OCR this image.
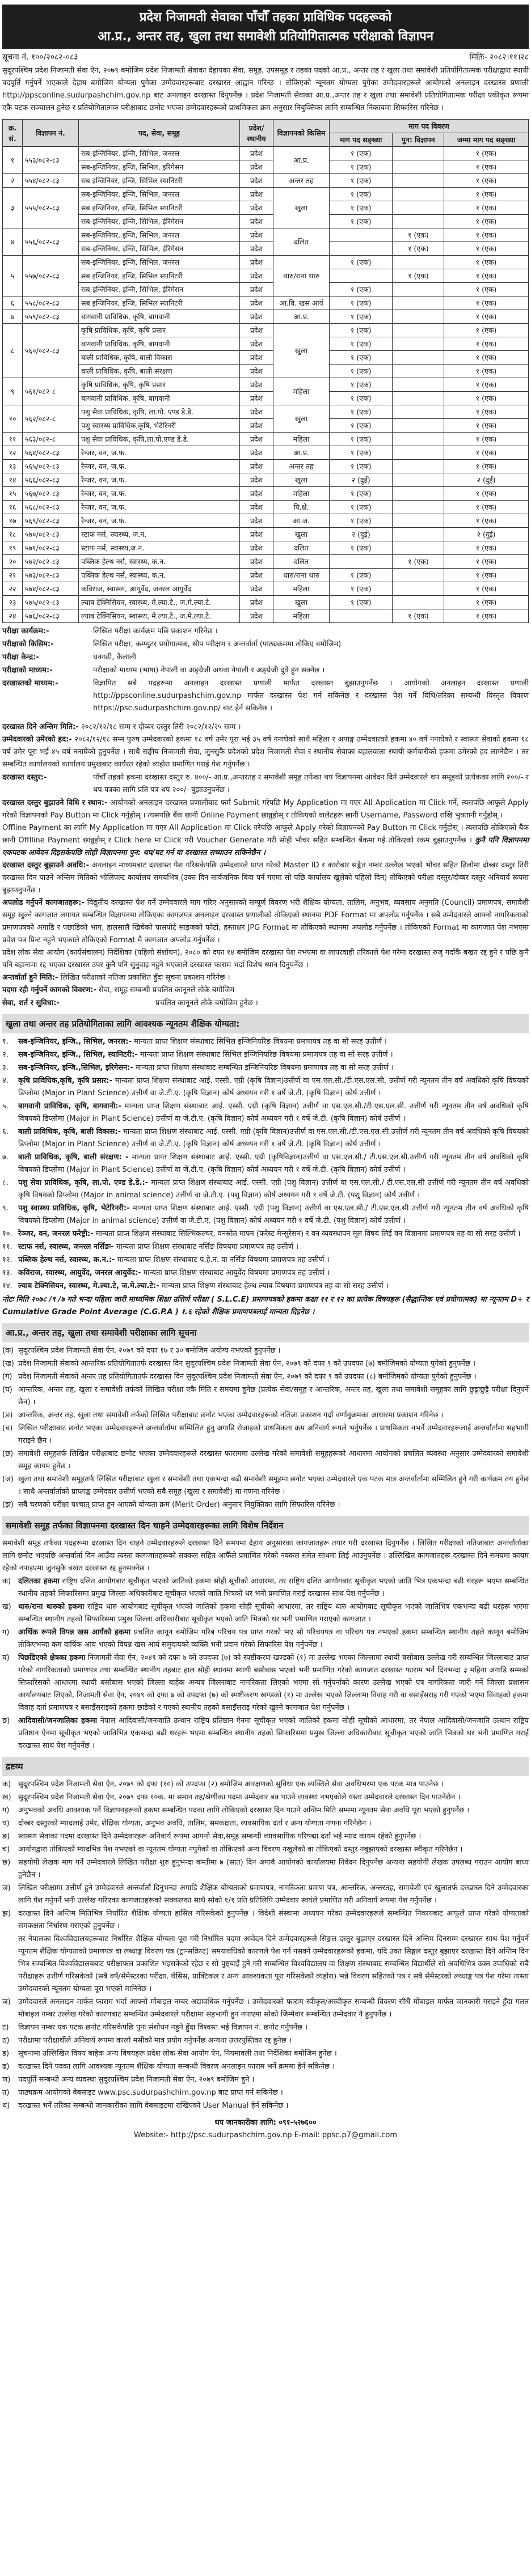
प्रदेश निजामती सेवाका पाँचौँ तहका प्राविधिक पदहरूको
आ.प्र., अन्तर तह, खुला तथा समावेशी प्रतियोगितात्मक परीक्षाको विज्ञापन
सूचना नं. १००/२०८२-०८३	मितिः- २०८२।११।२८

सुदूरपश्चिम प्रदेश निजामती सेवा ऐन, २०७९ बमोजिम प्रदेश निजामती सेवाका देहायका सेवा, समूह, उपसमूह र तहका पदको आ.प्र., अन्तर तह र खुला तथा समावेशी प्रतियोगितात्मक परीक्षाद्वारा स्थायी पदपूर्ति गर्नुपर्ने भएकाले देहाय बमोजिम योग्यता पुगेका उम्मेदवारहरूबाट दरखास्त आह्वान गरिन्छ । तोकिएको न्यूनतम योग्यता पुगेका उम्मेदवारहरूले आयोगको अनलाइन दरखास्त प्रणाली http://ppsconline.sudurpashchim.gov.np बाट अनलाइन दरखास्त दिनुपर्नेछ । प्रदेश निजामती सेवाका आ.प्र.,अन्तर तह र खुला तथा समावेशी प्रतियोगितात्मक परीक्षा एकीकृत रूपमा एकै पटक सञ्चालन हुनेछ र प्रतियोगितात्मक परीक्षाबाट छनोट भएका उम्मेदवारहरूको प्राथमिकता क्रम अनुसार नियुक्तिका लागि सम्बन्धित निकायमा सिफारिस गरिनेछ ।

क्र. सं.	विज्ञापन नं.	पद, सेवा, समूह	प्रदेश/ स्थानीय	विज्ञापनको किसिम	माग पद विवरण		
					माग पद सङ्ख्या	पुन: विज्ञापन	जम्मा माग पद सङ्ख्या
१	५५३/०८२-८३	सब-इन्जिनियर, इन्जि, सिभिल, जनरल	प्रदेश	आ.प्र.	१ (एक)		१ (एक)
		सब-इन्जिनियर, इन्जि, सिभिल, इरिगेसन	प्रदेश		१ (एक)		१ (एक)
२	५५४/०८२-८३	सब इन्जिनियर, इन्जि, सिभिल स्यानिटरी	प्रदेश	अन्तर तह	१ (एक)		१ (एक)
३	५५५/०८२-८३	सब-इन्जिनियर, इन्जि, सिभिल, जनरल	प्रदेश	खुला	१ (एक)		१ (एक)
		सब इन्जिनियर, इन्जि, सिभिल स्यानिटरी	प्रदेश		१ (एक)		१ (एक)
		सब-इन्जिनियर, इन्जि, सिभिल, ईरिगेसन	प्रदेश		१ (एक)		१ (एक)
४	५५६/०८२-८३	सब-इन्जिनियर, इन्जि, सिभिल, जनरल	प्रदेश	दलित		१ (एक)	१ (एक)
		सब-इन्जिनियर, इन्जि, सिभिल, ईरिगेसन	प्रदेश			१ (एक)	१ (एक)
५	५५७/०८२-८३	सब-इन्जिनियर, इन्जि, सिभिल, जनरल	प्रदेश	थारु/राना थारु	१ (एक)		१ (एक)
		सब इन्जिनियर, इन्जि, सिभिल स्यानिटरी	प्रदेश			१ (एक)	१ (एक)
		सब-इन्जिनियर, इन्जि, सिभिल, ईरिगेसन	प्रदेश		१ (एक)		१ (एक)
६	५५८/०८२-८३	सब इन्जिनियर, इन्जि, सिभिल स्यानिटरी	प्रदेश	आ.वि. खस आर्य	१ (एक)		१ (एक)
७	५५९/०८२-८३	बागवानी प्राविधिक, कृषि, बागवानी	प्रदेश	आ.प्र.	१ (एक)		१ (एक)
८	५६०/०८२-८३	कृषि प्राविधिक, कृषि, कृषि प्रसार	प्रदेश	खुला	१ (एक)		१ (एक)
		बागवानी प्राविधिक, कृषि, बागवानी	प्रदेश		१ (एक)		१ (एक)
		बाली प्राविधिक, कृषि, बाली विकास	प्रदेश		१ (एक)		१ (एक)
		बाली प्राविधिक, कृषि, बाली संरक्षण	प्रदेश		१ (एक)		१ (एक)
९	५६१/०८२-८	कृषि प्राविधिक, कृषि, कृषि प्रसार	प्रदेश	महिला	१ (एक)		१ (एक)
		बागवानी प्राविधिक, कृषि, बागवानी	प्रदेश		१ (एक)		१ (एक)
१०	५६२/०८२-८	पशु सेवा प्राविधिक, कृषि, ला.पो. एण्ड डे.डे.	प्रदेश	खुला	१ (एक)		१ (एक)
		पशु स्वास्थ्य प्राविधिक,कृषि, भेटेरिनरी	प्रदेश		१ (एक)		१ (एक)
११	५६३/०८२-८	पशु सेवा प्राविधिक, कृषि,ला.पो.एण्ड डे.डे.	प्रदेश	महिला	१ (एक)		१ (एक)
१२	५६४/०८२-८३	रेन्जर, वन, ज.फ.	प्रदेश	आ.प्र.	१ (एक)		१ (एक)
१३	५६५/०८२-८३	रेन्जर, वन, ज.फ.	प्रदेश	अन्तर तह	१ (एक)		१ (एक)
१४	५६६/०८२-८३	रेन्जर, वन, ज.फ.	प्रदेश	खुला	२ (दुई)		२ (दुई)
१५	५६७/०८२-८३	रेन्जर, वन, ज.फ.	प्रदेश	महिला	१ (एक)		१ (एक)
१६	५६८/०८२-८३	रेन्जर, वन, ज.फ.	प्रदेश	पि.क्षे.	१ (एक)		१ (एक)
१७	५६९/०८२-८३	रेन्जर, वन, ज.फ.	प्रदेश	आ.ज.	१ (एक)		१ (एक)
१८	५७०/०८२-८३	स्टाफ नर्स, स्वास्थ्य, ज.न.	प्रदेश	खुला	२ (दुई)		२ (दुई)
१९	५७१/०८२-८३	स्टाफ नर्स, स्वास्थ्य,ज.न.	प्रदेश	दलित	१ (एक)		१ (एक)
२०	५७२/०८२-८३	पब्लिक हेल्थ नर्स, स्वास्थ्य, क.न.	प्रदेश	दलित		१ (एक)	१ (एक)
२१	५७३/०८२-८३	पब्लिक हेल्थ नर्स, स्वास्थ्य, क.न.	प्रदेश	थारु/राना थारु	१ (एक)		१ (एक)
२२	५७४/०८२-८३	कविराज, स्वास्थ्य, आयुर्वेद, जनरल आयुर्वेद	प्रदेश	महिला	१ (एक)		१ (एक)
२३	५७५/०८२-८३	ल्याब टेक्निसियन, स्वास्थ्य, मे.ल्या.टे., ज.मे.ल्या.टे.	प्रदेश	खुला	१ (एक)		१ (एक)
२४	५७६/०८२-८३	ल्याब टेक्निसियन, स्वास्थ्य, मे.ल्या.टे., ज.मे.ल्या.टे.	प्रदेश	महिला		१ (एक)	१ (एक)
परीक्षा कार्यक्रम:-	लिखित परीक्षा कार्यक्रम पछि प्रकाशन गरिनेछ ।
परीक्षाको किसिम:-	लिखित परीक्षा, कम्प्युटर प्रयोगात्मक, सीप परीक्षण र अन्तर्वार्ता (पाठ्यक्रममा तोकिए बमोजिम)
परीक्षा केन्द्र:-	धनगढी, कैलाली
परीक्षाको माध्यम:-	परीक्षाको माध्यम (भाषा) नेपाली वा अङ्ग्रेजी अथवा नेपाली र अङ्ग्रेजी दुवै हुन सक्नेछ ।
दरखास्तको माध्यम:-	विज्ञापित सबै पदहरूमा अनलाइन दरखास्त प्रणाली मार्फत दरखास्त बुझाउनुपर्नेछ । आयोगको अनलाइन दरखास्त प्रणाली http://ppsconline.sudurpashchim.gov.np मार्फत दरखास्त पेश गर्न सकिनेछ र दरखास्त पेश गर्ने विधि/तरिका सम्बन्धी विस्तृत विवरण https://psc.sudurpashchim.gov.np/ बाट हेर्न सकिनेछ ।

दरखास्त दिने अन्तिम मिति:- २०८२/१२/१८ सम्म र दोब्बर दस्तुर तिरी २०८२/१२/२५ सम्म ।

उम्मेदवारको उमेरको हद:- २०८२/१२/१८ सम्म पुरुष उम्मेदवारको हकमा १८ वर्ष उमेर पूरा भई ३५ वर्ष ननाघेको साथै महिला र अपाङ्ग उम्मेदवारको हकमा ४० वर्ष ननाघेको र स्वास्थ्य सेवाको हकमा १८ वर्ष उमेर पूरा भई ४५ वर्ष ननाघेको हुनुपर्नेछ । साथै सङ्घीय निजामती सेवा, जुनसुकै प्रदेशको प्रदेश निजामती सेवा र स्थानीय सेवाका बहालवाला स्थायी कर्मचारीको हकमा उमेरको हद लाग्नेछैन । तर सम्बन्धित कार्यालयको कार्यालय प्रमुखबाट कार्यरत रहेको व्यहोरा प्रमाणित गराई पेश गर्नुपर्नेछ ।

दरखास्त दस्तुर:-	पाँचौँ तहको हकमा दरखास्त दस्तुर रु. ४००/- आ.प्र.,अन्तरतह र समावेशी समूह तर्फका थप विज्ञापनमा आवेदन दिने उम्मेदवारले थप समूहको प्रत्येकका लागि २००/- र थप पत्रका लागि प्रति पत्र थप २००/- बुझाउनुपर्नेछ ।

दरखास्त दस्तुर बुझाउने विधि र स्थान:- आयोगको अनलाइन दरखास्त प्रणालीबाट फर्म Submit गरेपछि My Application मा गएर All Application मा Click गर्ने, त्यसपछि आफूले Apply गरेको विज्ञापनको Pay Button मा Click गर्नुहोस् । त्यसपछि बैंक छानी Online Payment छान्नुहोस् र तोकिएको वालेटहरू छानी Username, Password राखि भुक्तानी गर्नुहोस् ।

Offline Payment का लागि My Application मा गएर All Application मा Click गरेपछि आफूले Apply गरेको विज्ञापनको Pay Button मा Click गर्नुहोस् । त्यसपछि तोकिएको बैंक छानी Offlline Payment छान्नुहोस् र Click here मा Click गरी Voucher Generate गरी सोही भौचर सहित सम्बन्धित बैंकमा गई तोकिएको रकम बुझाउनुपर्नेछ । कुनै पनि विज्ञापनमा एकपटक आवेदन दिइसकेपछि सोही विज्ञापनमा पुन: थप/घट गर्न वा दरखास्त सच्याउन सकिनेछैन ।

दरखास्त दस्तुर बुझाउने अवधि:- अनलाइन माध्यमबाट दरखास्त पेश गरिसकेपछि उम्मेदवारले प्राप्त गरेको Master ID र कारोबार सङ्केत नम्बर उल्लेख भएको भौचर सहित ढिलोमा दोब्बर दस्तुर तिरी दरखास्त दिन पाउने अन्तिम मितिको भोलिपल्ट कार्यालय समयभित्र (उक्त दिन सार्वजनिक बिदा पर्न गएमा सो पछि कार्यालय खुलेको पहिलो दिन) तोकिएको परीक्षा दस्तुर/दोब्बर दस्तुर अनिवार्य रूपमा बुझाउनुपर्नेछ ।

अपलोड गर्नुपर्ने कागजातहरू:- विद्युतीय दरखास्त पेश गर्ने उम्मेदवारले माग गरिए अनुसारको सम्पूर्ण विवरण भरी शैक्षिक योग्यता, तालिम, अनुभव, व्यवसाय अनुमति (Council) प्रमाणपत्र, समावेशी समूह खुल्ने कागजात लगायत सम्बन्धित विज्ञापनमा तोकिएका कागजपत्र अनलाइन दरखास्त प्रणालीको तोकिएको स्थानमा PDF Format मा अपलोड गर्नुपर्नेछ । सबै उम्मेदवारले आफ्नो नागरिकताको प्रमाणपत्रको अगाडि र पछाडिको भाग, हालसालै खिचेको पासपोर्ट साइजको फोटो, हस्ताक्षर JPG Format मा तोकिएको स्थानमा अपलोड गर्नुपर्नेछ । तोकिएको Format मा कागजात पेश नभएमा प्रवेश पत्र प्रिन्ट नहुने भएकाले तोकिएको Format मै कागजात अपलोड गर्नुपर्नेछ ।

प्रदेश लोक सेवा आयोग (कार्यसंचालन) निर्देशिका (पहिलो संशोधन), २०८० को दफा १४ बमोजिम दरखास्त पेश नभएमा वा लापरवाही तरिकाले पेश गरेमा दरखास्त रुजु गर्दाकै बखत रद्द हुने र पछि कुनै पनि बहानामा रद्द भएका दरखास्त उपर कुनै पनि सुनुवाइ नहुने भएकाले दरखास्त फाराम भर्दा विशेष ध्यान दिनुपर्नेछ ।

अन्तर्वार्ता हुने मिति:- लिखित परीक्षाको नतिजा प्रकाशित हुँदा सूचना प्रकाशन गरिनेछ ।

पदमा रही गर्नुपर्ने कामको विवरण:- सेवा, समूह सम्बन्धी प्रचलित कानूनले तोके बमोजिम

सेवा, शर्त र सुविधा:-	प्रचलित कानूनले तोके बमोजिम हुनेछ ।
खुला तथा अन्तर तह प्रतियोगिताका लागि आवश्यक न्यूनतम शैक्षिक योग्यता:
१.	सब-इन्जिनियर, इन्जि., सिभिल, जनरल:- मान्यता प्राप्त शिक्षण संस्थाबाट सिभिल इन्जिनियरिङ विषयमा प्रमाणपत्र तह वा सो सरह उत्तीर्ण ।
२.	सब-इन्जिनियर, इन्जि., सिभिल, स्यानिटरी:- मान्यता प्राप्त शिक्षण संस्थाबाट सिभिल इन्जिनियरिङ विषयमा प्रमाणपत्र तह वा सो सरह उत्तीर्ण ।
३.	सब-इन्जिनियर, इन्जि.,सिभिल, इरिगेसन:- मान्यता प्राप्त शिक्षण संस्थाबाट सम्बन्धित इन्जिनियरिङ विषयमा प्रमाणपत्र तह वा सो सरह उत्तीर्ण ।
४.	कृषि प्राविधिक,कृषि, कृषि प्रसार:- मान्यता प्राप्त शिक्षण संस्थाबाट आई. एस्सी. एग्री (कृषि विज्ञान)उत्तीर्ण वा एस.एल.सी./टी.एस.एल.सी. उत्तीर्ण गरी न्यूनतम तीन वर्ष अवधिको कृषि विषयको डिप्लोमा (Major in Plant Science) उत्तीर्ण वा जे.टी.ए. (कृषि विज्ञान) कोर्ष अध्ययन गरी १ वर्षे जे.टी. (कृषि विज्ञान) कोर्ष उत्तीर्ण ।
५.	बागवानी प्राविधिक, कृषि, बागवानी:- मान्यता प्राप्त शिक्षण संस्थाबाट आई. एस्सी. एग्री (कृषि विज्ञान) उत्तीर्ण वा एस.एल.सी./टी.एस.एल.सी. उत्तीर्ण गरी न्यूनतम तीन वर्ष अवधिको कृषि विषयको डिप्लोमा (Major in Plant Science) उत्तीर्ण वा जे.टी.ए. (कृषि विज्ञान) कोर्ष अध्ययन गरी १ वर्षे जे.टी. (कृषि विज्ञान) कोर्ष उत्तीर्ण ।
६.	बाली प्राविधिक, कृषि, बाली विकास:- मान्यता प्राप्त शिक्षण संस्थाबाट आई. एस्सी. एग्री (कृषि विज्ञान)उत्तीर्ण वा एस.एल.सी./टी.एस.एल.सी.उत्तीर्ण गरी न्यूनतम तीन वर्ष अवधिको कृषि विषयको डिप्लोमा (Major in Plant Science) उत्तीर्ण वा जे.टी.ए. (कृषि विज्ञान) कोर्ष अध्ययन गरी १ वर्षे जे.टी. (कृषि विज्ञान) कोर्ष उत्तीर्ण ।
७.	बाली प्राविधिक, कृषि, बाली संरक्षण: - मान्यता प्राप्त शिक्षण संस्थाबाट आई. एस्सी. एग्री (कृषिविज्ञान)उत्तीर्ण वा एस.एल.सी./ टी.एस.एल.सी.उत्तीर्ण गरी न्यूनतम तीन वर्ष अवधिको कृषि विषयको डिप्लोमा (Major in Plant Science) उत्तीर्ण वा जे.टी.ए. (कृषि विज्ञान) कोर्ष अध्ययन गरी १ वर्षे जे.टी. (कृषि विज्ञान) कोर्ष उत्तीर्ण ।
८.	पशु सेवा प्राविधिक, कृषि, ला.पो. एण्ड डे.डे.:- मान्यता प्राप्त शिक्षण संस्थाबाट आई. एस्सी. एग्री (पशु विज्ञान) उत्तीर्ण वा एस.एल.सी./ टी.एस.एल.सी उत्तीर्ण गरी न्यूनतम तीन वर्ष अवधिको कृषि विषयको डिप्लोमा (Major in animal science) उत्तीर्ण वा जे.टी.ए. (पशु विज्ञान) कोर्ष अध्ययन गरी १ वर्षे जे.टी. (पशु विज्ञान) कोर्ष उत्तीर्ण ।
९.	पशु स्वास्थ्य प्राविधिक, कृषि, भेटेरिनरी:- मान्यता प्राप्त शिक्षण संस्थाबाट आई. एस्सी. एग्री (पशु विज्ञान) उत्तीर्ण वा एस.एल.सी./ टी.एस.एल.सी उत्तीर्ण गरी न्यूनतम तीन वर्ष अवधिको कृषि विषयको डिप्लोमा (Major in animal science) उत्तीर्ण वा जे.टी.ए. (पशु विज्ञान) कोर्ष अध्ययन गरी १ वर्षे जे.टी. (पशु विज्ञान) कोर्ष उत्तीर्ण ।
१०. रेञ्जर, वन, जनरल फरेष्ट्री:- मान्यता प्राप्त शिक्षण संस्थाबाट सिल्भिकल्चर, वनस्रोत मापन (फरेस्ट मेन्सुरेसन) र वन व्यवस्थापन मूल विषय लिई वन विज्ञानमा प्रमाणपत्र तह वा सो सरह उत्तीर्ण ।
११. स्टाफ नर्स, स्वास्थ्य, जनरल नर्सिङः- मान्यता प्राप्त शिक्षण संस्थाबाट नर्सिङ विषयमा प्रमाणपत्र तह उत्तीर्ण ।
१२. पब्लिक हेल्थ नर्स, स्वास्थ्य, क.न.:- मान्यता प्राप्त शिक्षण संस्थाबाट प.हे.न. वा नर्सिङ विषयमा प्रमाणपत्र तह उत्तीर्ण ।
१३. कविराज, स्वास्थ्य, आयुर्वेद, जनरल आयुर्वेद:- मान्यता प्राप्त शिक्षण संस्थाबाट आयुर्वेद विषयमा प्रमाणपत्र तह उत्तीर्ण ।
१४. ल्याब टेक्निसियन, स्वास्थ्य, मे.ल्या.टे, ज.मे.ल्या.टे:- मान्यता प्राप्त शिक्षण संस्थाबाट हेल्थ ल्याब विषयमा प्रमाणपत्र तह वा सो सरह उत्तीर्ण ।

नोटः मिति २०७८ /९ /७ गते भन्दा पहिला जारी माध्यमिक शिक्षा उत्तिर्ण परीक्षा ( S.L.C.E) प्रमाणपत्रको हकमा कक्षा ११ र १२ का प्रत्येक विषयहरू (सैद्धान्तिक एवं प्रयोगात्मक) मा न्यूनतम D+ र Cumulative Grade Point Average (C.G.P.A ) १.६ रहेको शैक्षिक प्रमाणपत्रलाई मान्यता दिइनेछ ।

आ.प्र., अन्तर तह, खुला तथा समावेशी परीक्षाका लागि सूचना
(क) सुदूरपश्चिम प्रदेश निजामती सेवा ऐन, २०७९ को दफा १७ र ३० बमोजिम अयोग्य नभएको हुनुपर्नेछ ।
(ख) प्रदेश निजामती सेवाको आन्तरिक प्रतियोगितातर्फ दरखास्त दिन सुदूरपश्चिम प्रदेश निजामती सेवा ऐन, २०७९ को दफा ९ को उपदफा (७) बमोजिमको योग्यता पुगेको हुनुपर्नेछ ।
(ग) प्रदेश निजामती सेवाको अन्तर तह प्रतियोगितातर्फ दरखास्त दिन सुदूरपश्चिम प्रदेश निजामती सेवा ऐन, २०७९ को दफा ९ को उपदफा (८) बमोजिमको योग्यता पुगेको हुनुपर्नेछ ।
(घ) आन्तरिक, अन्तर तह, खुला र समावेशी तर्फको लिखित परीक्षा एकै मिति र समयमा हुनेछ (प्रत्येक सेवा/समूह र आन्तरिक, अन्तर तह, खुला तथा समावेशी समूहका लागि छुट्टाछुट्टै परीक्षा दिनुपर्ने छैन) ।
(ङ) आन्तरिक, अन्तर तह, खुला तथा समावेशी तर्फको लिखित परीक्षाबाट छनोट भएका उम्मेदवारहरूको नतिजा प्रकाशन गर्दा वर्णानुक्रमका आधारमा प्रकाशन गरिनेछ ।
(च) लिखित परीक्षाबाट छनोट भएका उम्मेदवारहरूले अन्तर्वार्तामा सम्मिलित हुनु अगाडि रोजाइको प्राथमिकता क्रम अनिवार्य रूपले भर्नुपर्नेछ । प्राथमिकता नभर्ने उम्मेदवारहरूलाई अन्तर्वार्तामा सहभागी गराइने छैन ।
(छ) समावेशी समूहतर्फ लिखित परीक्षाबाट छनोट भएका उम्मेदवारहरूले दरखास्त फाराममा उल्लेख गरेको समावेशी समूहहरूको आधारमा आयोगको प्रचलित व्यवस्था अनुसार उम्मेदवारको समावेशी समूह कायम हुनेछ ।
(ज) खुला तथा समावेशी समूहतर्फ लिखित परीक्षाबाट खुला र समावेशी तथा एकभन्दा बढी समावेशी समूहमा छनोट भएका उम्मेदवारले एक पटक मात्र अन्तर्वार्तामा सम्मिलित हुने गरी कार्यक्रम तय हुनेछ । साथै अन्तर्वार्ताको प्राप्ताङ्क उम्मेदवार उत्तीर्ण भएको सबै समूह (खुला र समावेशी) मा गणना गरिनेछ ।
(झ) सबै चरणको परीक्षा पश्चात् प्राप्त हुन आएको योग्यता क्रम (Merit Order) अनुसार नियुक्तिका लागि सिफारिस गरिनेछ ।
समावेशी समूह तर्फका विज्ञापनमा दरखास्त दिन चाहने उम्मेदवारहरूका लागि विशेष निर्देशन

समावेशी समूह तर्फका पदहरूमा दरखास्त दिन चाहने उम्मेदवारहरूले दरखास्त दिने समयमा देहाय अनुसारका कागजातहरू तयार गरी दरखास्त दिनुपर्नेछ । लिखित परीक्षाको नतिजाबाट अन्तर्वार्ताका लागि छनोट भएपछि अन्तर्वार्ता दिन आउँदा त्यस्ता कागजातहरूको सक्कल सहित आफैँले प्रमाणित गरेको नक्कल समेत साथमा लिई आउनुपर्नेछ । उल्लिखित कागजातहरू दरखास्त दिने समयमा कायम रहेको नपाइएमा जुनसुकै बखत दरखास्त रद्द हुनसक्नेछ ।

क) दलितका हकमा राष्ट्रिय दलित आयोगबाट सूचीकृत भएको जातिको हकमा सोही सूचीको आधारमा, तर राष्ट्रिय दलित आयोगबाट सूचीकृत भएको जाति भित्र एकभन्दा बढी थरहरू भएमा सम्बन्धित स्थानीय तहको सिफारिसमा प्रमुख जिल्ला अधिकारीबाट सूचीकृत भएको जाति भित्रको थर भनी प्रमाणित गराई दरखास्त साथ पेश गर्नुपर्नेछ ।
ख) थारु/राना थारुको हकमा राष्ट्रिय थारु आयोगबाट सूचीकृत भएको जातिको हकमा सोही सूचीको आधारमा, तर राष्ट्रिय थारु आयोगबाट सूचीकृत भएको जातिभित्र एकभन्दा बढी थरहरू भएमा सम्बन्धित स्थानीय तहको सिफारिसमा प्रमुख जिल्ला अधिकारीबाट सूचीकृत भएको जाति भित्रको थर भनी प्रमाणित गराएको कागजात ।
ग)	आर्थिक रूपले विपन्न खस आर्यको हकमा प्रचलित कानून बमोजिम गरिब परिचय पत्र प्राप्त गरको भए सो परिचयपत्र वा परिचय पत्र नभएको हकमा सम्बन्धित स्थानीय तहले कानून बमोजिम तोकिएभन्दा कम वार्षिक आय भएको विपन्न खस आर्य समुदायको व्यक्ति भनी प्रदान गरेको सिफारिस पेश गर्नुपर्नेछ ।
घ)	पिछडिएको क्षेत्रका हकमा निजामती सेवा ऐन, २०४९ को दफा ७ को उपदफा (७) को स्पष्टीकरण खण्डको (१) मा उल्लेख भएका जिल्लामा स्थायी बसोबास उल्लेख गरी सम्बन्धित जिल्लाबाट प्राप्त गरेको नागरिकताको प्रमाणपत्र तथा सम्बन्धित स्थानीय तहबाट हाल सोही स्थानमा स्थायी बसोबास भएको भनी प्रमाणित गरेको कागजात दरखास्त फाराम भर्ने दिनभन्दा ३ महिना अगाडि सम्मको सिफारिसको आधारमा स्थायी बसोबास भएको जिल्ला बाहेक अन्यत्र जिल्लाबाट नागरिकता लिएको भएमा सो गर्नुपर्नाको कारण उल्लेख भएको पत्र नागरिकता जारी गर्ने जिल्ला प्रशासन कार्यालयबाट लिएको, निजामती सेवा ऐन, २०४९ को दफा ७ को उपदफा (७) को स्पष्टीकरण खण्डको (१) मा उल्लेख भएको जिल्लामा विवाह गरी वा बसाइँसराइ गरी गएको भएमा विवाहको हकमा विवाह दर्ता प्रमाणपत्र र बसाइँसराइको हकमा छाडेको र गएको स्थानीय तहको बसाइँसराइ गरेको खुल्ने कागजात पेश गर्नुपर्नेछ ।
ङ)	आदिवासी/जनजातिका हकमा नेपाल आदिवासी/जनजाति उत्थान राष्ट्रिय प्रतिष्ठान ऐनमा सूचीकृत भएको जातिको हकमा सोही सूचीको आधारमा, तर नेपाल आदिवासी/जनजाति उत्थान राष्ट्रिय प्रतिष्ठान ऐनमा सूचीकृत भएको जातिभित्र एकभन्दा बढी थरहरू भएमा सम्बन्धित स्थानीय तहको सिफारिसमा प्रमुख जिल्ला अधिकारीबाट सूचीकृत भएको जाति भित्रको थर भनी प्रमाणित गराई दरखास्त साथ पेश गर्नुपर्नेछ ।
द्रष्टव्य
क) सुदूरपश्चिम प्रदेश निजामती सेवा ऐन, २०७९ को दफा (१०) को उपदफा (२) बमोजिम आरक्षणको सुविधा एक व्यक्तिले सेवा अवधिभरमा एक पटक मात्र पाउनेछ ।
ख) सुदूरपश्चिम प्रदेश निजामती सेवा ऐन, २०७९ दफा १०क. मा समान तह/श्रेणीका पदमा उम्मेदवार बन्न पाउने व्यवस्था नभएकोले यस्ता उम्मेदवारले दरखास्त दिन पाउनेछैन ।
ग)	अनुभवको अवधि आवश्यक पर्ने विज्ञापनहरूको हकमा सम्बन्धित पदका लागि तोकिएको दरखास्त दिन पाउने अन्तिम मिति सम्ममा न्यूनतम सेवा अवधि पूरा भएको हुनुपर्नेछ ।
घ)	दोब्बर दस्तुरको म्यादलाई उमेर, शैक्षिक योग्यता, अनुभव अवधि, तालिम, समकक्षता, व्यवसायिक दर्ता र अन्य योग्यता गणना गरिनेछैन ।
ङ)	स्वास्थ्य सेवाका पदमा दरखास्त दिने उम्मेदवारहरू अनिवार्य रूपमा आफ्नो सेवा,समूह सम्बन्धी व्यावसायिक परिषद्मा दर्ता भई म्याद कायम रहेको हुनुपर्नेछ ।
च)	आयोगद्वारा तोकिएको म्यादभित्र पेश नभएको वा न्यूनतम योग्यता नपुगेको वा तोकिएको अन्य विवरण नखुलेको वा तोकिएको दस्तुर नबुझाएको दरखास्त स्वीकृत गरिनेछैन ।
छ)	सहयोगी लेखक माग गर्ने उम्मेदवारले लिखित परीक्षा शुरु हुनुभन्दा कम्तीमा ७ (सात) दिन अगावै आयोगको कार्यालयमा निवेदन दिनुपर्नेछ अन्यथा सहयोगी लेखक उपलब्ध गराउन आयोग बाध्य हुनेछैन ।
ज)	लिखित परीक्षामा उत्तीर्ण हुने उम्मेदवारले अन्तर्वार्ता दिनुभन्दा अगाडि शैक्षिक योग्यताको प्रमाणपत्र, नागरिकता प्रमाण पत्र, आन्तरिक, अन्तरतह, समावेशी एवं खुलातर्फ दरखास्त दिने उम्मेदवारका लागि पेश गर्नुपर्ने भनी उल्लेख गरिएका कागजातहरूको सक्कलका साथै सोको १/१ प्रति प्रतिलिपि उम्मेदवार स्वयंले प्रमाणित गरी अनिवार्य रूपमा पेश गर्नुपर्नेछ ।
झ)	दरखास्त दिने अन्तिम मितिभित्र निर्धारित शैक्षिक योग्यता हासिल गरिसकेको हुनुपर्नेछ । विदेशी संस्थामा अध्ययन गरेका उम्मेदवारहरूले सम्बन्धित निकायबाट आफूले प्राप्त गरेको योग्यताको समकक्षता निर्धारण गराएको हुनुपर्नेछ ।
तर नेपालका विश्वविद्यालयहरूबाट निर्धारित शैक्षिक योग्यता पूरा गरी निर्धारित पदमा आवेदन दिने उम्मेदवारहरूले सिङ्गल दस्तुर बुझाएर दरखास्त दिने अन्तिम दिनसम्म दरखास्त साथ पेश गर्नुपर्ने न्यूनतम शैक्षिक योग्यताको प्रमाणपत्र वा लब्धाङ्क विवरण पत्र (ट्रान्सक्रिप्ट) समयावधिको कारणले पेश गर्न नसक्ने उम्मेदवारहरूको हकमा, यदि उक्त सिङ्गल दस्तुर बुझाएर दरखास्त दिने अन्तिम दिन भित्र सम्बन्धित विश्वविद्यालयबाट परीक्षाफल प्रकाशित भइसकेको रहेछ र सो पुष्ट्याइँ हुने गरी सम्बन्धित विश्वविद्यालय वा शिक्षण संस्थाबाट सम्बन्धित विद्यार्थीले सो अवधिभित्र उक्त उपाधिको सबै परीक्षाहरू उत्तीर्ण गरिसकेको (सबै वर्ष/सेमेस्टरका परीक्षा, थेसिस, प्राक्टिकल र अन्य आवश्यकता पूरा गरिसकेको व्यहोरा) भन्ने विवरण सहितको पत्र र सबै सेमेस्टरको लब्धाङ्क पत्र पेश गरेमा त्यस्ता उम्मेदवारको न्यूनतम योग्यता पूरा भएको मानिनेछ ।
ञ)	उम्मेदवारले अनलाइन मार्फत फाराम भर्दा आफ्नो मोबाइल नम्बर अद्यावधिक गर्नुपर्नेछ । उम्मेदवारको फाराम स्वीकृत/अस्वीकृत सम्बन्धी विवरण सीधै मोबाइल मार्फत जानकारी गराइने हुँदा गलत मोबाइल नम्बर उल्लेख गरेको कारणबाट सम्बन्धित उम्मेदवारले परीक्षामा सहभागी हुन नपाएमा सोको जिम्मेवार सम्बन्धित उम्मेदवार नै हुनुपर्नेछ ।
ट)	विज्ञापन नम्बर एक पटक छनोट गरिसकेपछि पुनः संशोधन नहुने हुँदा विश्वस्त भई विज्ञापन नं. छनोट गर्नुपर्नेछ ।
ठ)	परीक्षामा परीक्षार्थीले अनिवार्य रूपमा कालो मसीको मात्र प्रयोग गर्नुपर्नेछ अन्यथा उत्तरपुस्तिका रद्द हुनेछ ।
ड)	सूचनामा उल्लिखित विषय बाहेक अन्य विषयहरू प्रदेश लोक सेवा आयोग ऐन, नियमावली तथा निर्देशिका बमोजिम हुनेछ ।
ढ)	दरखास्त दिने पदका लागि आवश्यक न्यूनतम शैक्षिक योग्यता सम्बन्धी विवरण अनलाइन फाराम भर्ने क्रममा हेर्न सकिनेछ ।
ण)	पदपूर्ति सम्बन्धी अन्य व्यवस्था सुदूरपश्चिम प्रदेश निजामती सेवा ऐन, २०७९ बमोजिम हुने ।
त)	पाठ्यक्रम आयोगको वेबसाइट www.psc.sudurpashchim.gov.np बाट प्राप्त गर्न सकिनेछ ।
थ)	दरखास्त भर्ने तरिका सम्बन्धी जानकारीका लागि वेबसाइटमा राखिएको User Manual हेर्न सकिनेछ ।
थप जानकारीका लागि: ०९१-५२७६००
Website:- http://psc.sudurpashchim.gov.np E-mail: ppsc.p7@gmail.com
